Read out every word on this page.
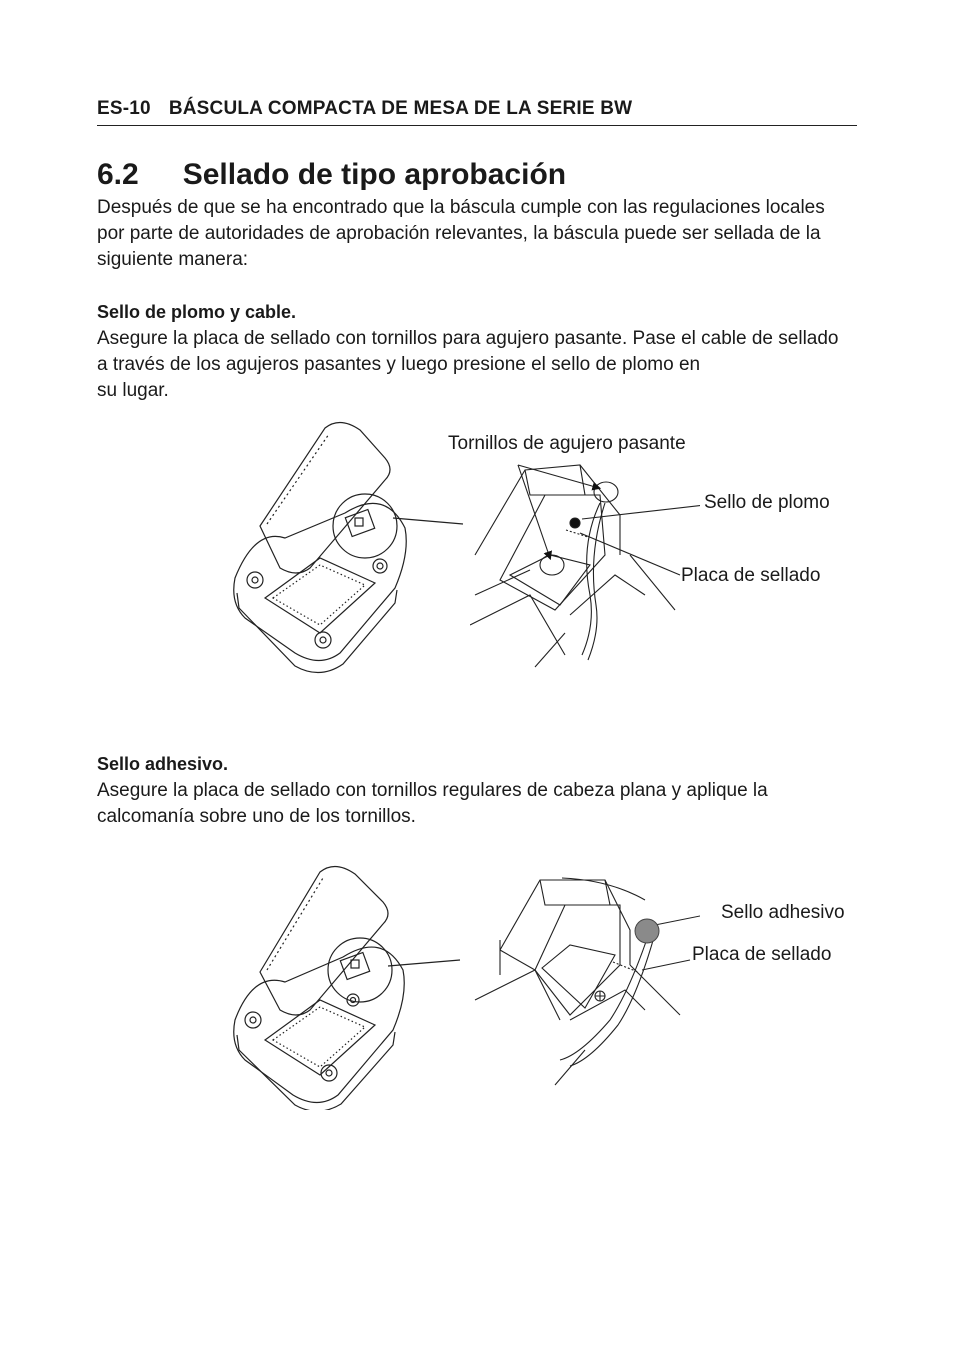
ES-10 BÁSCULA COMPACTA DE MESA DE LA SERIE BW
6.2 Sellado de tipo aprobación
Después de que se ha encontrado que la báscula cumple con las regulaciones locales
por parte de autoridades de aprobación relevantes, la báscula puede ser sellada de la
siguiente manera:
Sello de plomo y cable.
Asegure la placa de sellado con tornillos para agujero pasante. Pase el cable de sellado
a través de los agujeros pasantes y luego presione el sello de plomo en
su lugar.
Tornillos de agujero pasante
Sello de plomo
Placa de sellado
Sello adhesivo.
Asegure la placa de sellado con tornillos regulares de cabeza plana y aplique la
calcomanía sobre uno de los tornillos.
Sello adhesivo
Placa de sellado
